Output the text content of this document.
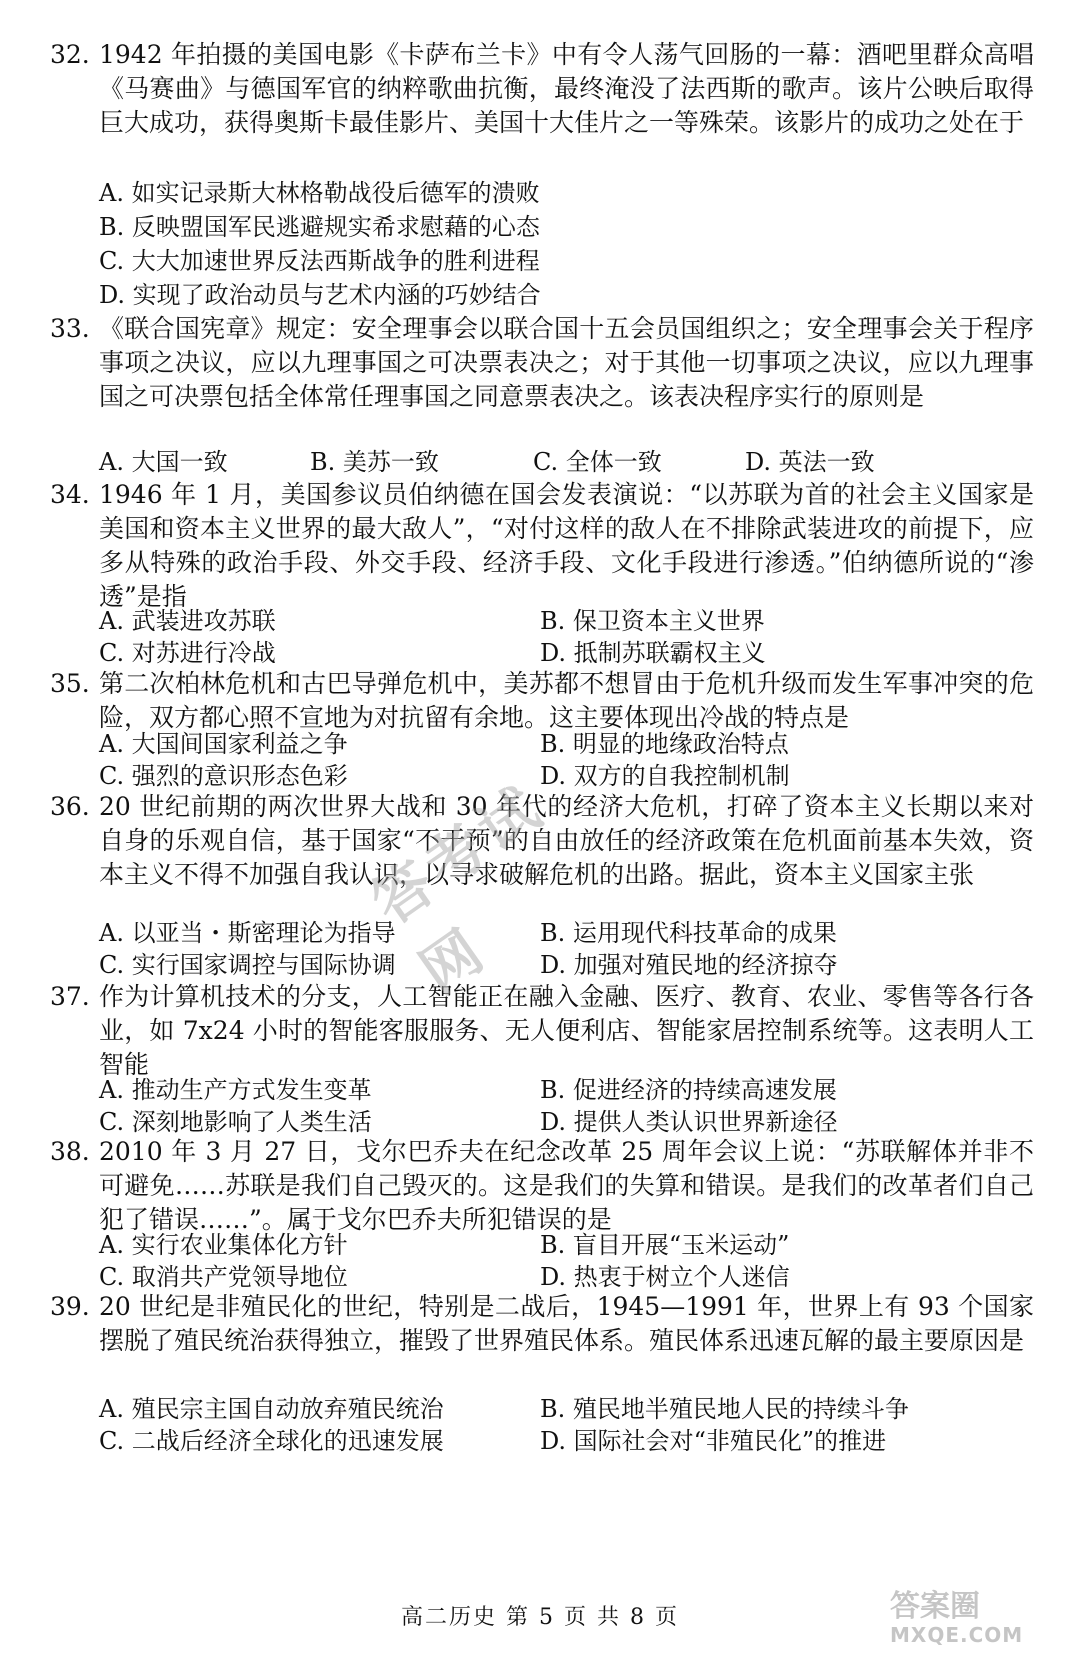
32. 1942 年拍摄的美国电影《卡萨布兰卡》中有令人荡气回肠的一幕：酒吧里群众高唱《马赛曲》与德国军官的纳粹歌曲抗衡，最终淹没了法西斯的歌声。该片公映后取得巨大成功，获得奥斯卡最佳影片、美国十大佳片之一等殊荣。该影片的成功之处在于
A. 如实记录斯大林格勒战役后德军的溃败
B. 反映盟国军民逃避规实希求慰藉的心态
C. 大大加速世界反法西斯战争的胜利进程
D. 实现了政治动员与艺术内涵的巧妙结合
33. 《联合国宪章》规定：安全理事会以联合国十五会员国组织之；安全理事会关于程序事项之决议，应以九理事国之可决票表决之；对于其他一切事项之决议，应以九理事国之可决票包括全体常任理事国之同意票表决之。该表决程序实行的原则是
A. 大国一致	B. 美苏一致	C. 全体一致	D. 英法一致
34. 1946 年 1 月，美国参议员伯纳德在国会发表演说：“以苏联为首的社会主义国家是美国和资本主义世界的最大敌人”，“对付这样的敌人在不排除武装进攻的前提下，应多从特殊的政治手段、外交手段、经济手段、文化手段进行渗透。”伯纳德所说的“渗透”是指
A. 武装进攻苏联	B. 保卫资本主义世界
C. 对苏进行冷战	D. 抵制苏联霸权主义
35. 第二次柏林危机和古巴导弹危机中，美苏都不想冒由于危机升级而发生军事冲突的危险，双方都心照不宣地为对抗留有余地。这主要体现出冷战的特点是
A. 大国间国家利益之争	B. 明显的地缘政治特点
C. 强烈的意识形态色彩	D. 双方的自我控制机制
36. 20 世纪前期的两次世界大战和 30 年代的经济大危机，打碎了资本主义长期以来对自身的乐观自信，基于国家“不干预”的自由放任的经济政策在危机面前基本失效，资本主义不得不加强自我认识，以寻求破解危机的出路。据此，资本主义国家主张
A. 以亚当・斯密理论为指导	B. 运用现代科技革命的成果
C. 实行国家调控与国际协调	D. 加强对殖民地的经济掠夺
37. 作为计算机技术的分支，人工智能正在融入金融、医疗、教育、农业、零售等各行各业，如 7x24 小时的智能客服服务、无人便利店、智能家居控制系统等。这表明人工智能
A. 推动生产方式发生变革	B. 促进经济的持续高速发展
C. 深刻地影响了人类生活	D. 提供人类认识世界新途径
38. 2010 年 3 月 27 日，戈尔巴乔夫在纪念改革 25 周年会议上说：“苏联解体并非不可避免……苏联是我们自己毁灭的。这是我们的失算和错误。是我们的改革者们自己犯了错误……”。属于戈尔巴乔夫所犯错误的是
A. 实行农业集体化方针	B. 盲目开展“玉米运动”
C. 取消共产党领导地位	D. 热衷于树立个人迷信
39. 20 世纪是非殖民化的世纪，特别是二战后，1945—1991 年，世界上有 93 个国家摆脱了殖民统治获得独立，摧毁了世界殖民体系。殖民体系迅速瓦解的最主要原因是
A. 殖民宗主国自动放弃殖民统治	B. 殖民地半殖民地人民的持续斗争
C. 二战后经济全球化的迅速发展	D. 国际社会对“非殖民化”的推进
高二历史 第 5 页 共 8 页
答考试网
答案圈
MXQE.COM
